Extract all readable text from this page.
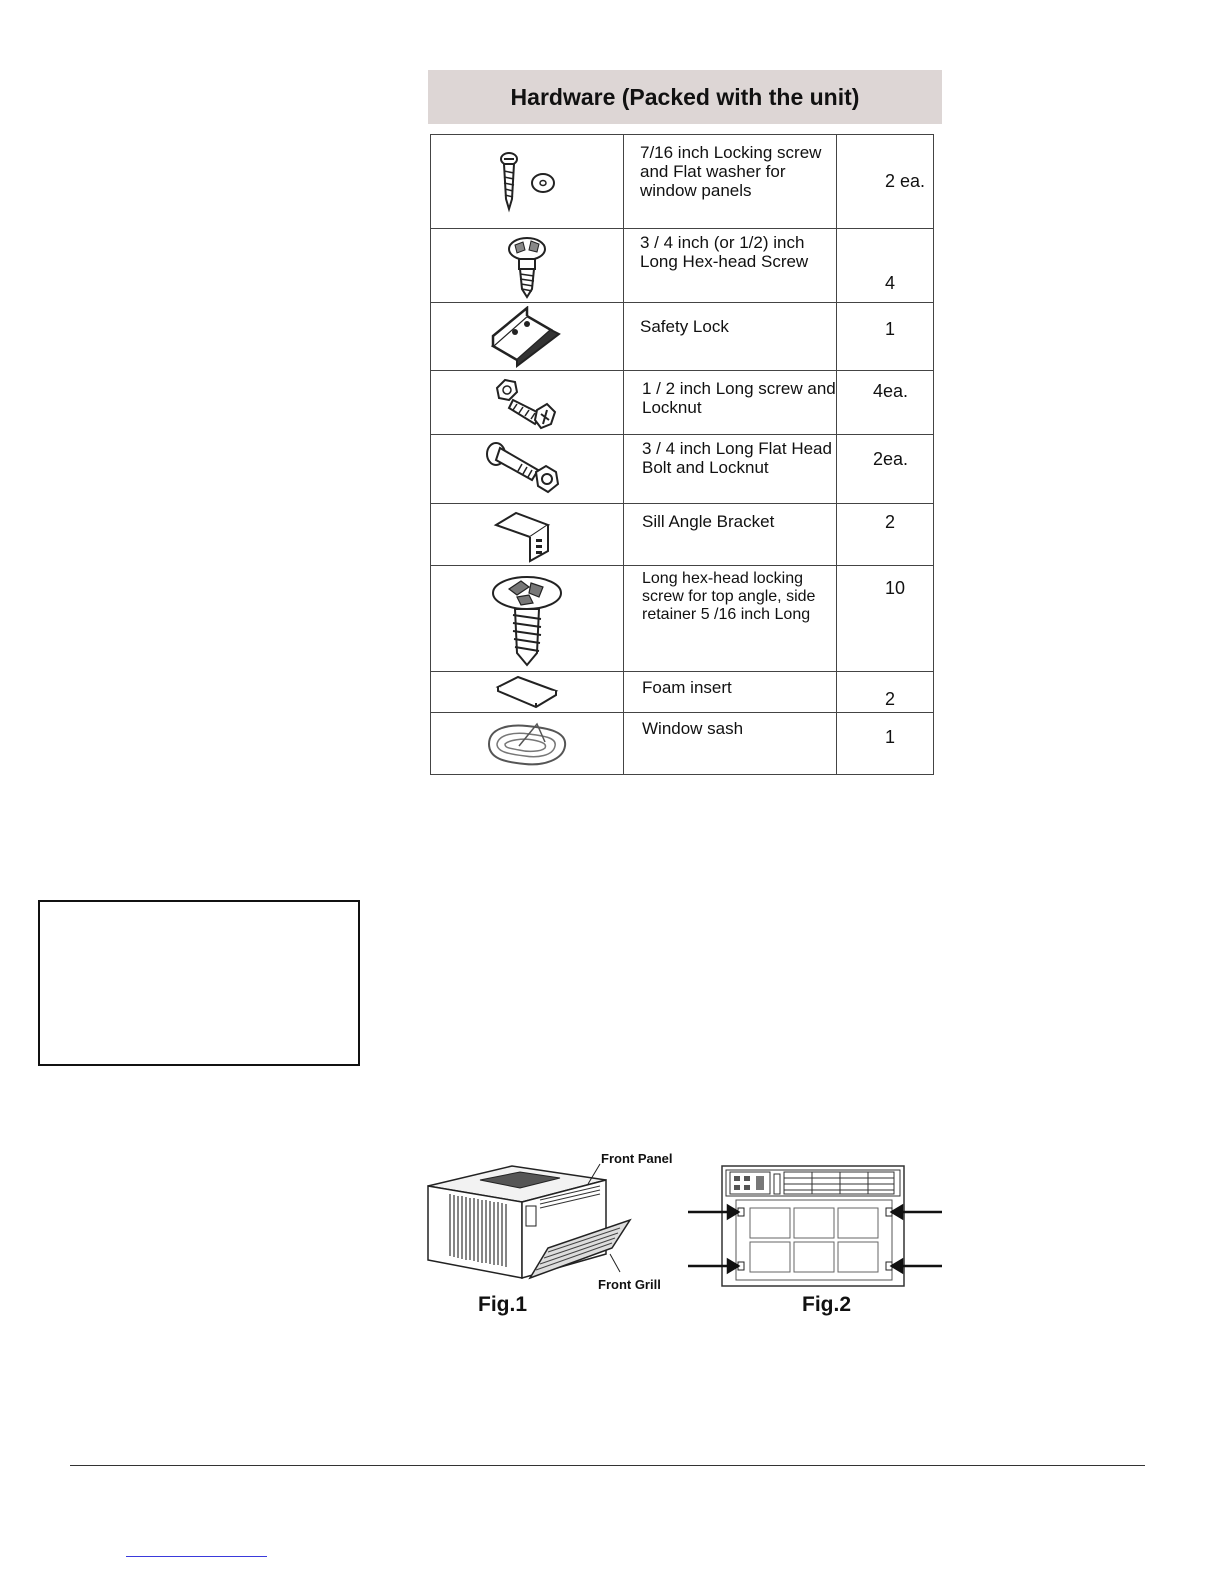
Hardware (Packed with the unit)
	7/16 inch Locking screw and Flat washer for window panels	2 ea.

	3 / 4 inch (or 1/2) inch Long Hex-head Screw	4

	Safety Lock	1

	1 / 2 inch Long screw and Locknut	4ea.

	3 / 4 inch Long Flat Head Bolt and Locknut	2ea.

	Sill Angle Bracket	2

	Long hex-head locking screw for top angle, side retainer 5 /16 inch Long	10

	Foam insert	2

	Window sash	1
Front Panel
Front Grill
Fig.1	Fig.2
